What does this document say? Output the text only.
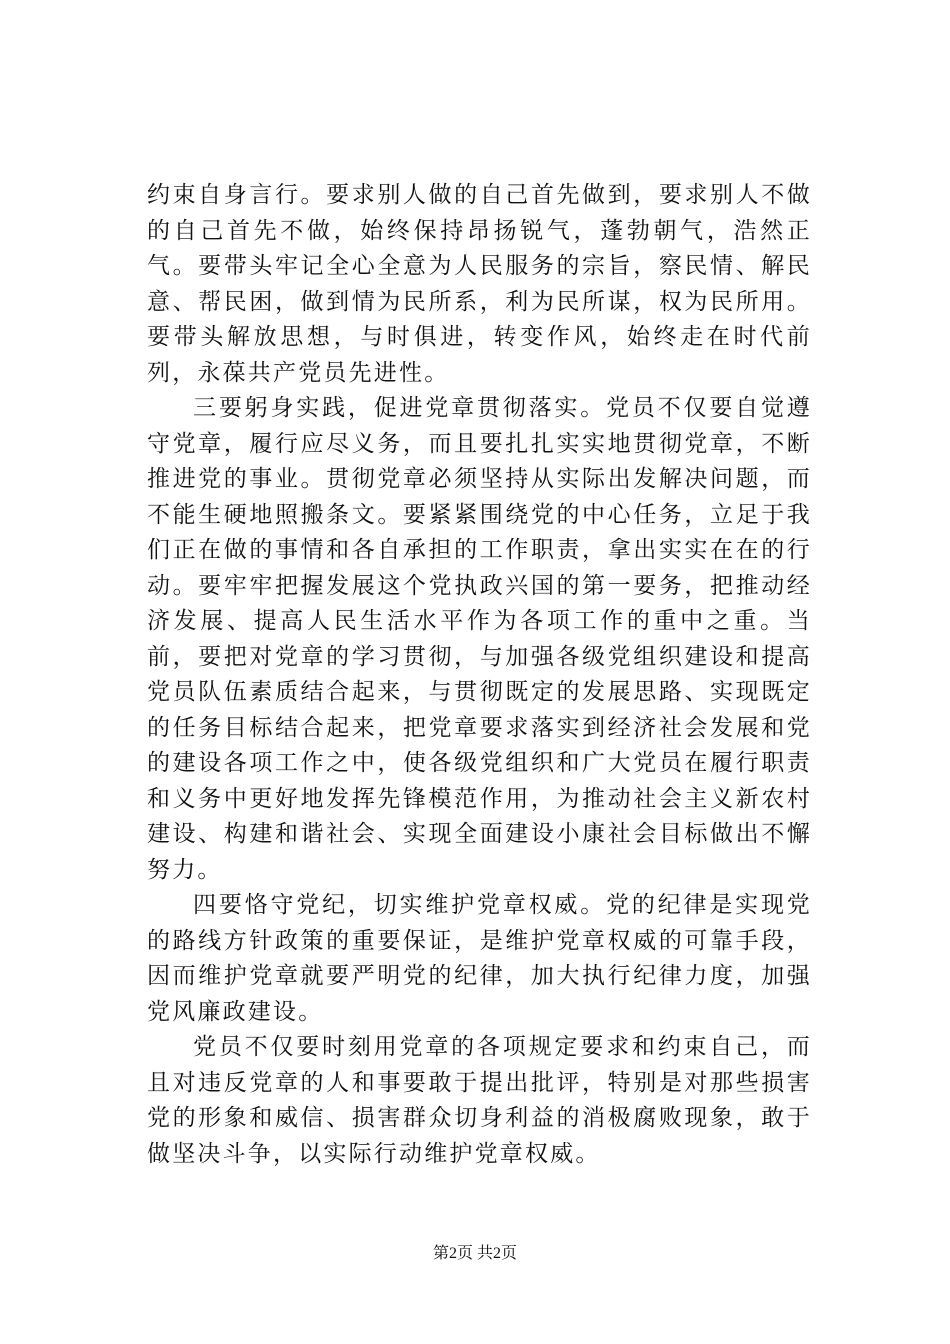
约束自身言行。要求别人做的自己首先做到，要求别人不做的自己首先不做，始终保持昂扬锐气，蓬勃朝气，浩然正气。要带头牢记全心全意为人民服务的宗旨，察民情、解民意、帮民困，做到情为民所系，利为民所谋，权为民所用。要带头解放思想，与时俱进，转变作风，始终走在时代前列，永葆共产党员先进性。

三要躬身实践，促进党章贯彻落实。党员不仅要自觉遵守党章，履行应尽义务，而且要扎扎实实地贯彻党章，不断推进党的事业。贯彻党章必须坚持从实际出发解决问题，而不能生硬地照搬条文。要紧紧围绕党的中心任务，立足于我们正在做的事情和各自承担的工作职责，拿出实实在在的行动。要牢牢把握发展这个党执政兴国的第一要务，把推动经济发展、提高人民生活水平作为各项工作的重中之重。当前，要把对党章的学习贯彻，与加强各级党组织建设和提高党员队伍素质结合起来，与贯彻既定的发展思路、实现既定的任务目标结合起来，把党章要求落实到经济社会发展和党的建设各项工作之中，使各级党组织和广大党员在履行职责和义务中更好地发挥先锋模范作用，为推动社会主义新农村建设、构建和谐社会、实现全面建设小康社会目标做出不懈努力。

四要恪守党纪，切实维护党章权威。党的纪律是实现党的路线方针政策的重要保证，是维护党章权威的可靠手段，因而维护党章就要严明党的纪律，加大执行纪律力度，加强党风廉政建设。

党员不仅要时刻用党章的各项规定要求和约束自己，而且对违反党章的人和事要敢于提出批评，特别是对那些损害党的形象和威信、损害群众切身利益的消极腐败现象，敢于做坚决斗争，以实际行动维护党章权威。

第2页 共2页
